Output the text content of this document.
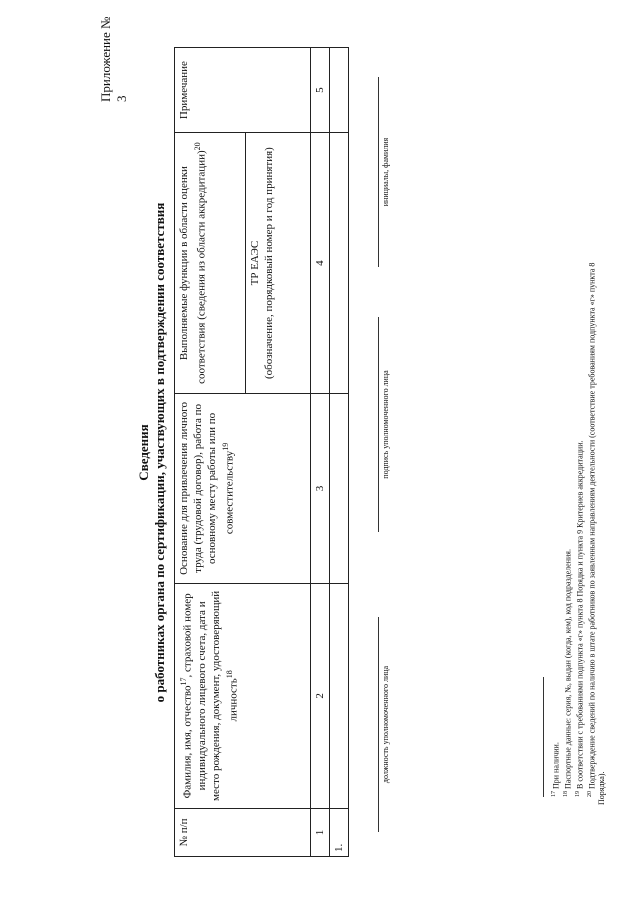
Приложение № 3
Сведения о работниках органа по сертификации, участвующих в подтверждении соответствия
№ п/п	Фамилия, имя, отчество$^{17}$, страховой номер индивидуального лицевого счета, дата и место рождения, документ, удостоверяющий личность$^{18}$	Основание для привлечения личного труда (трудовой договор), работа по основному месту работы или по совместительству$^{19}$	Выполняемые функции в области оценки соответствия (сведения из области аккредитации)$^{20}$	Примечание

			ТР ЕАЭС (обозначение, порядковый номер и год принятия)	

1	2	3	4	5
1.				
должность уполномоченного лица
подпись уполномоченного лица
инициалы, фамилия
$^{17}$ При наличии.
$^{18}$ Паспортные данные: серия, №, выдан (когда, кем), код подразделения.
$^{19}$ В соответствии с требованиями подпункта «г» пункта 8 Порядка и пункта 9 Критериев аккредитации.
$^{20}$ Подтверждение сведений по наличию в штате работников по заявленным направлениям деятельности (соответствие требованиям подпункта «г» пункта 8 Порядка).
